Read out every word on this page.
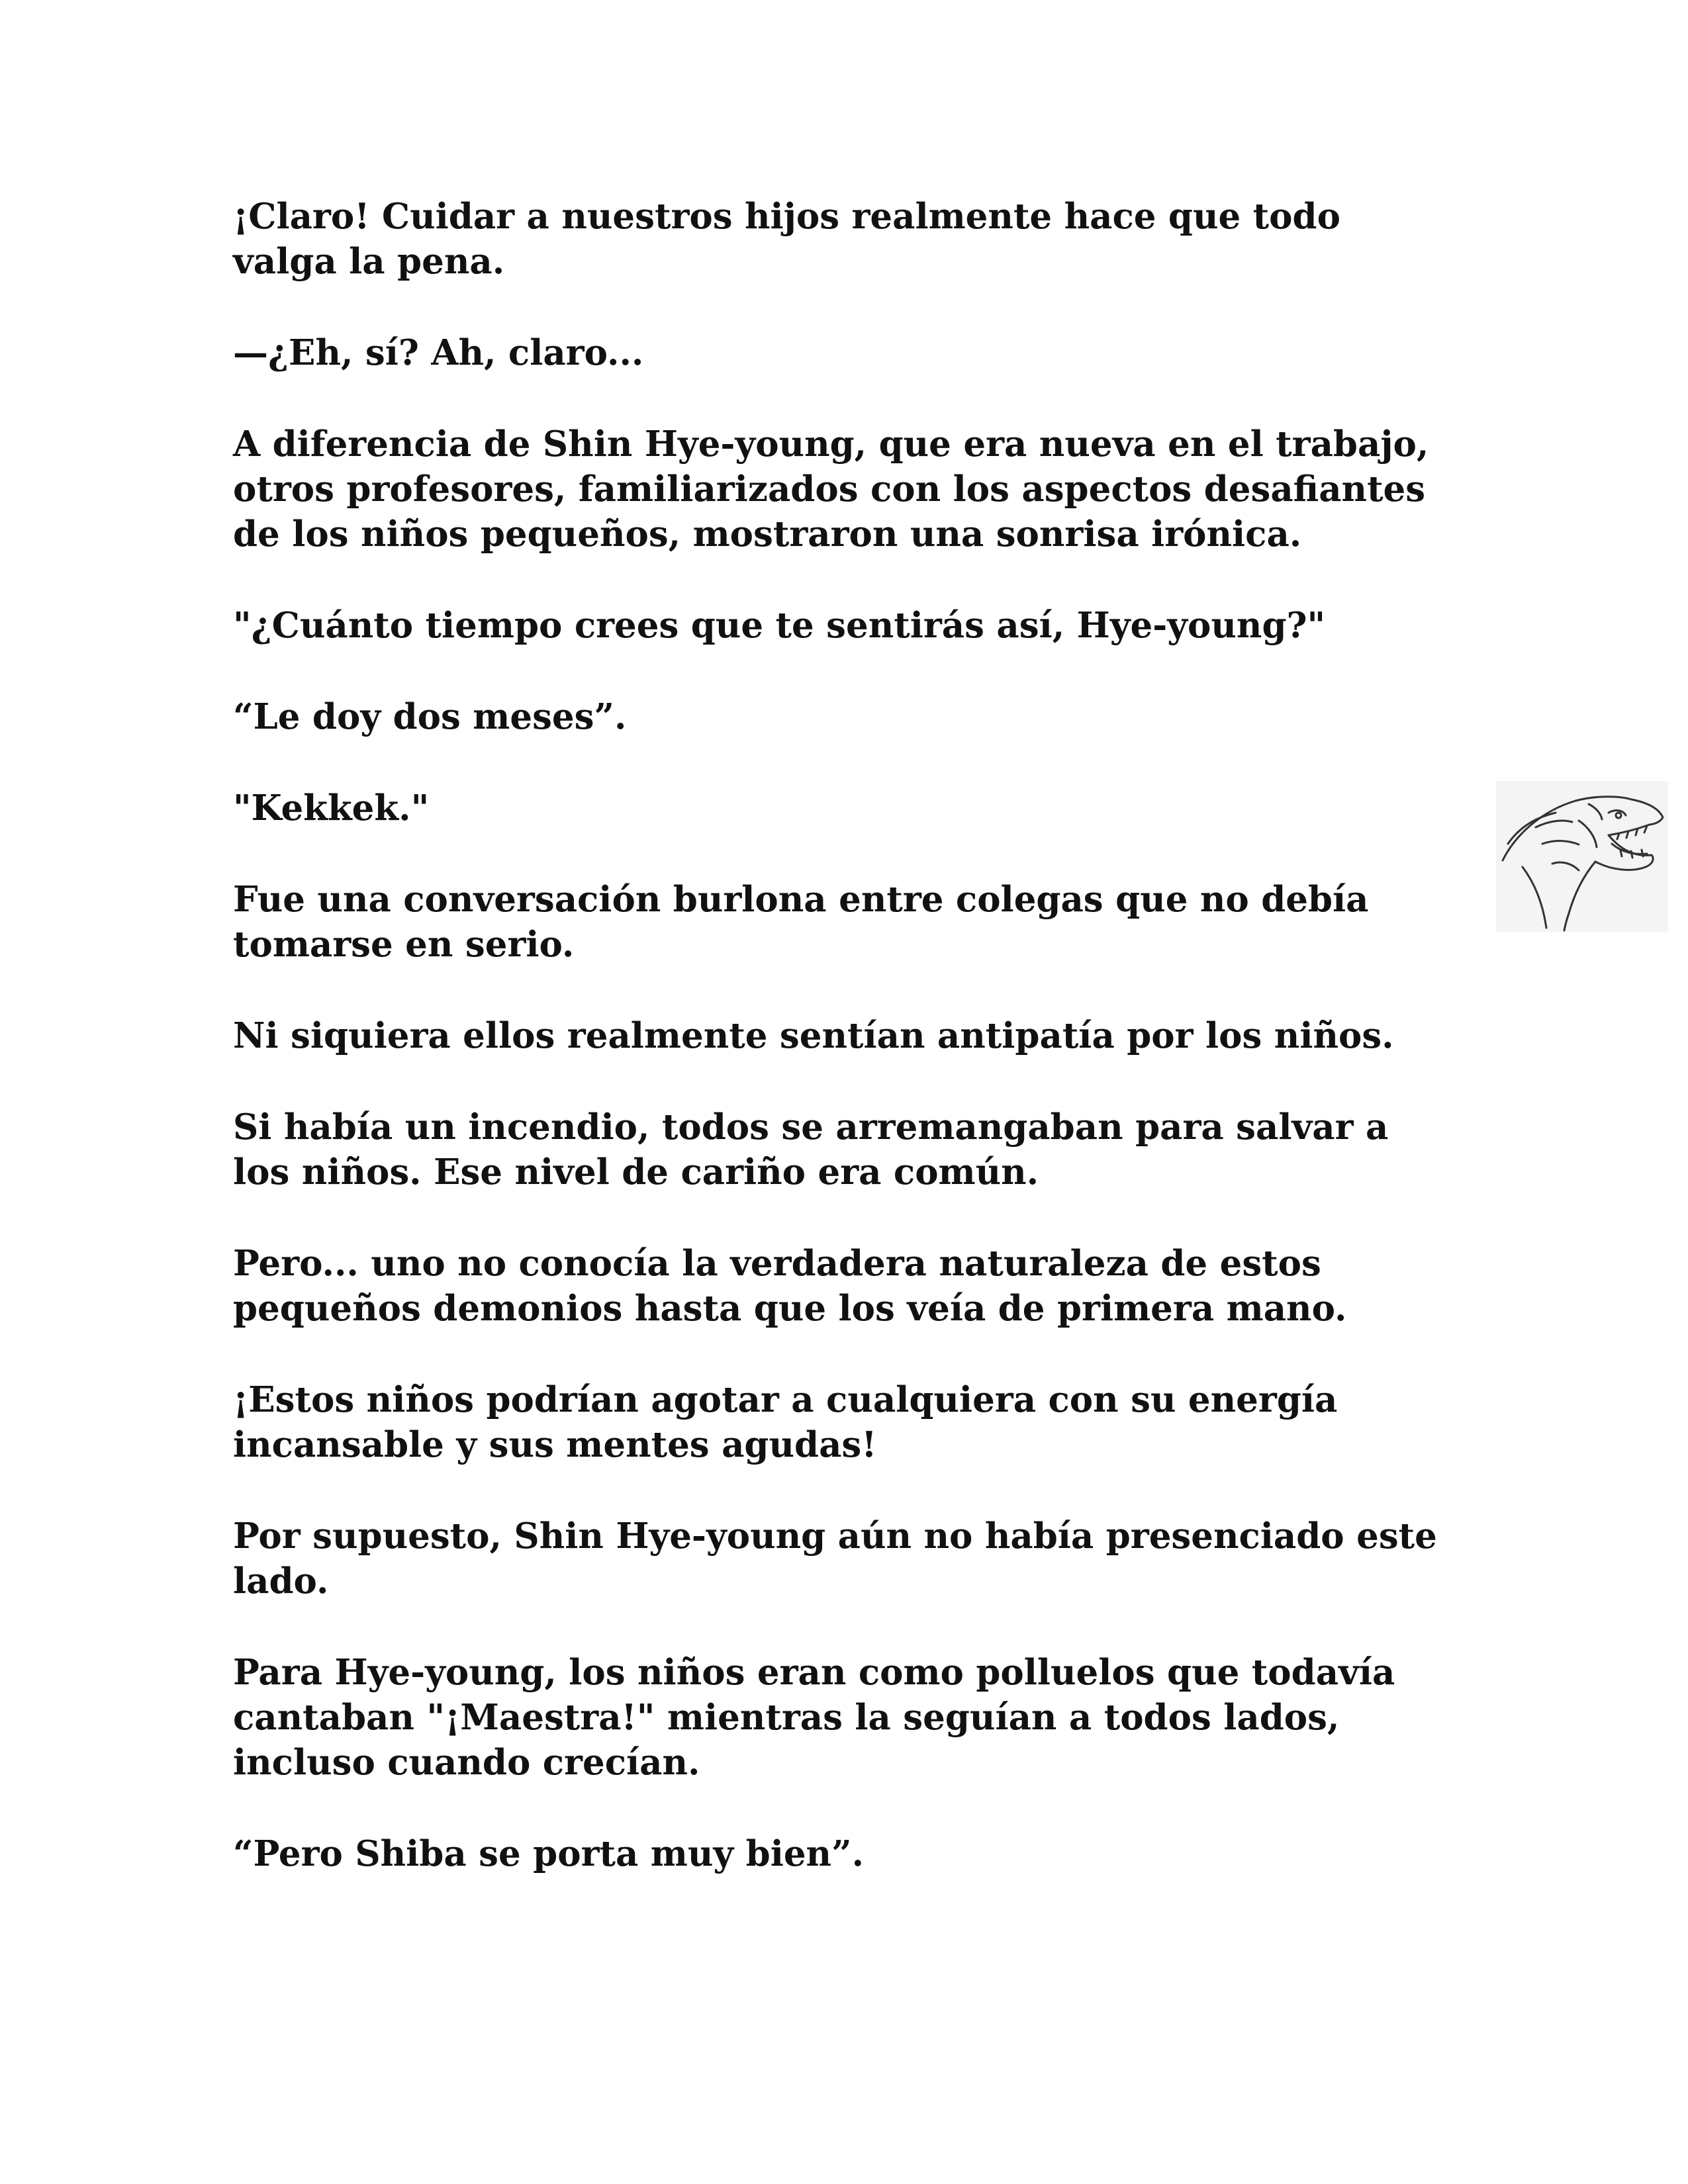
¡Claro! Cuidar a nuestros hijos realmente hace que todo
valga la pena.

—¿Eh, sí? Ah, claro...

A diferencia de Shin Hye-young, que era nueva en el trabajo,
otros profesores, familiarizados con los aspectos desafiantes
de los niños pequeños, mostraron una sonrisa irónica.

"¿Cuánto tiempo crees que te sentirás así, Hye-young?"

“Le doy dos meses”.

"Kekkek."

Fue una conversación burlona entre colegas que no debía
tomarse en serio.

Ni siquiera ellos realmente sentían antipatía por los niños.

Si había un incendio, todos se arremangaban para salvar a
los niños. Ese nivel de cariño era común.

Pero... uno no conocía la verdadera naturaleza de estos
pequeños demonios hasta que los veía de primera mano.

¡Estos niños podrían agotar a cualquiera con su energía
incansable y sus mentes agudas!

Por supuesto, Shin Hye-young aún no había presenciado este
lado.

Para Hye-young, los niños eran como polluelos que todavía
cantaban "¡Maestra!" mientras la seguían a todos lados,
incluso cuando crecían.

“Pero Shiba se porta muy bien”.
